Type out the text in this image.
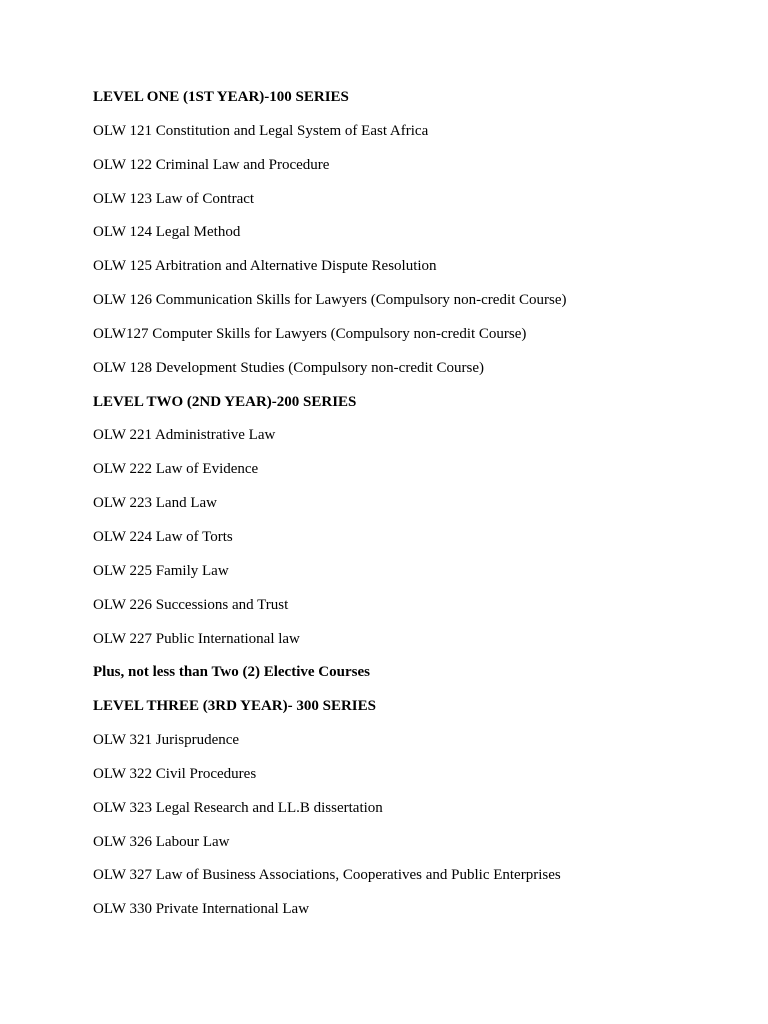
LEVEL ONE (1ST YEAR)-100 SERIES
OLW 121 Constitution and Legal System of East Africa
OLW 122 Criminal Law and Procedure
OLW 123 Law of Contract
OLW 124 Legal Method
OLW 125 Arbitration and Alternative Dispute Resolution
OLW 126 Communication Skills for Lawyers (Compulsory non-credit Course)
OLW127 Computer Skills for Lawyers (Compulsory non-credit Course)
OLW 128 Development Studies (Compulsory non-credit Course)
LEVEL TWO (2ND YEAR)-200 SERIES
OLW 221 Administrative Law
OLW 222 Law of Evidence
OLW 223 Land Law
OLW 224 Law of Torts
OLW 225 Family Law
OLW 226 Successions and Trust
OLW 227 Public International law
Plus, not less than Two (2) Elective Courses
LEVEL THREE (3RD YEAR)- 300 SERIES
OLW 321 Jurisprudence
OLW 322 Civil Procedures
OLW 323 Legal Research and LL.B dissertation
OLW 326 Labour Law
OLW 327 Law of Business Associations, Cooperatives and Public Enterprises
OLW 330 Private International Law
